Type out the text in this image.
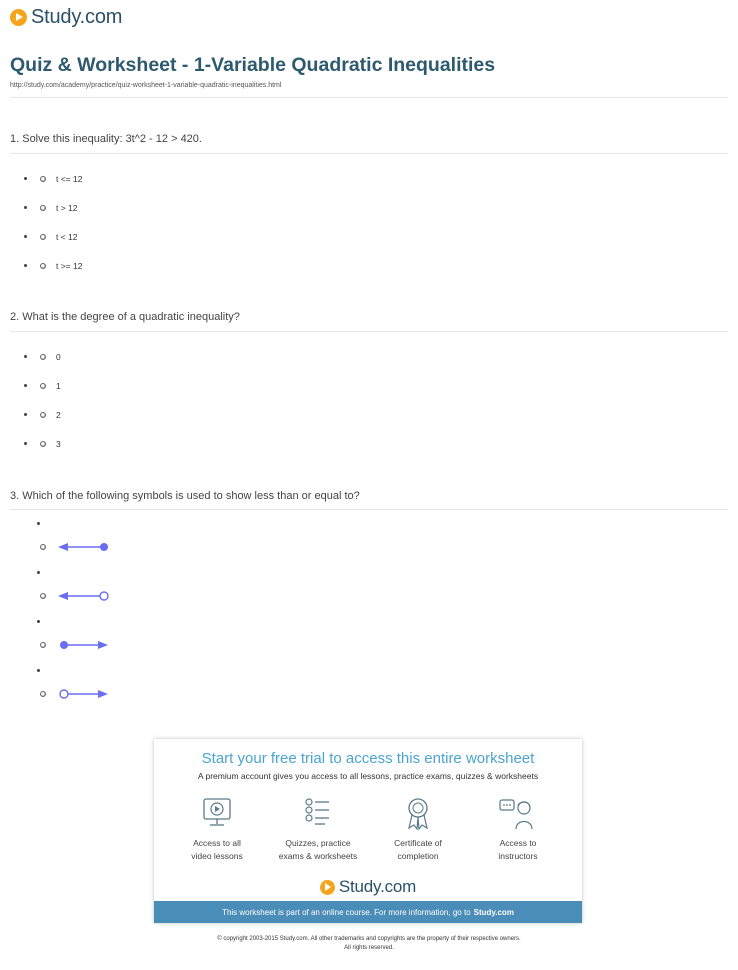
Study.com
Quiz & Worksheet - 1-Variable Quadratic Inequalities
http://study.com/academy/practice/quiz-worksheet-1-variable-quadratic-inequalities.html
1. Solve this inequality: 3t^2 - 12 > 420.
t <= 12
t > 12
t < 12
t >= 12
2. What is the degree of a quadratic inequality?
0
1
2
3
3. Which of the following symbols is used to show less than or equal to?
Start your free trial to access this entire worksheet
A premium account gives you access to all lessons, practice exams, quizzes & worksheets
Access to all
video lessons
Quizzes, practice
exams & worksheets
Certificate of
completion
Access to
instructors
Study.com
This worksheet is part of an online course. For more information, go to Study.com
© copyright 2003-2015 Study.com. All other trademarks and copyrights are the property of their respective owners.
All rights reserved.
